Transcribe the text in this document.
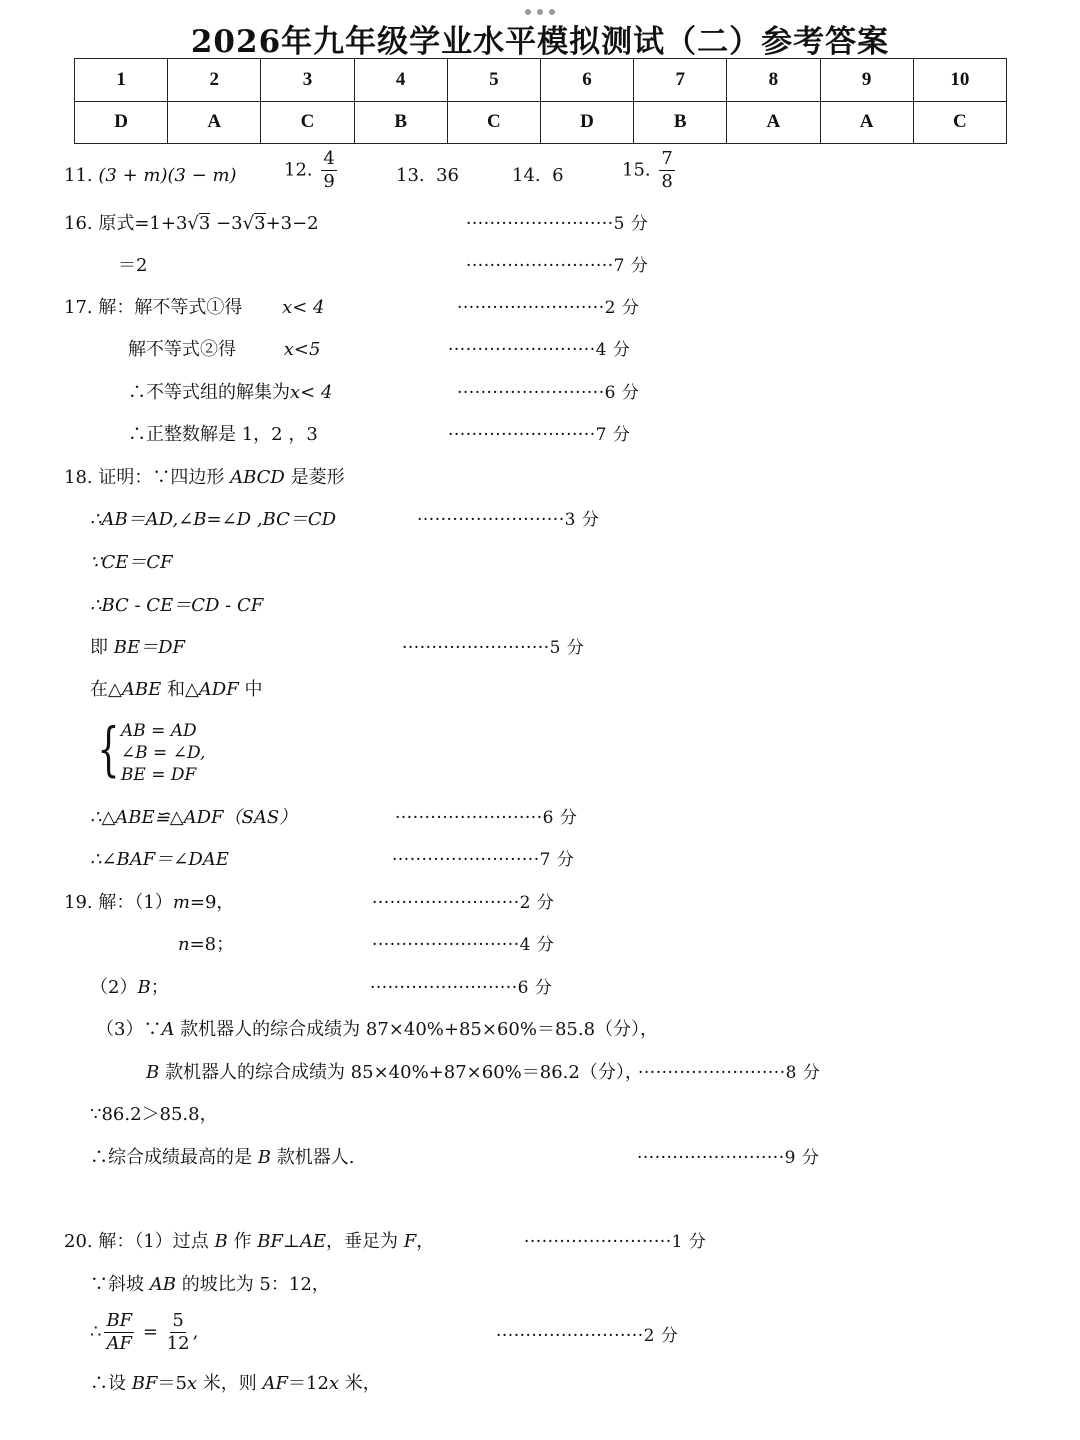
2026年九年级学业水平模拟测试（二）参考答案
1	2	3	4	5	6	7	8	9	10
D	A	C	B	C	D	B	A	A	C
11. (3 + m)(3 − m)	12. $\frac{4}{9}$	13. 36	14. 6	15. $\frac{7}{8}$
16. 原式=1+3√3 −3√3+3−2	·························5 分
＝2	·························7 分
17. 解：解不等式①得 x< 4	·························2 分
解不等式②得	x<5	·························4 分
∴不等式组的解集为x< 4	·························6 分
∴正整数解是 1，2 ，3	·························7 分
18. 证明：∵四边形 ABCD 是菱形
∴AB＝AD,∠B=∠D ,BC＝CD	·························3 分
∵CE＝CF
∴BC - CE＝CD - CF
即 BE＝DF	·························5 分
在△ABE 和△ADF 中
{ AB = AD
∠B = ∠D,
BE = DF
∴△ABE≌△ADF（SAS）	·························6 分
∴∠BAF＝∠DAE	·························7 分
19. 解：（1）m=9，	·························2 分
n=8；	·························4 分
（2）B；	·························6 分
（3）∵A 款机器人的综合成绩为 87×40%+85×60%＝85.8（分），
B 款机器人的综合成绩为 85×40%+87×60%＝86.2（分），
·························8 分
∵86.2＞85.8，
∴综合成绩最高的是 B 款机器人.	·························9 分
20. 解：（1）过点 B 作 BF⊥AE，垂足为 F，	·························1 分
∵斜坡 AB 的坡比为 5：12，
∴ $\frac{BF}{AF} = \frac{5}{12}$ ,	·························2 分
∴设 BF＝5x 米，则 AF＝12x 米，
